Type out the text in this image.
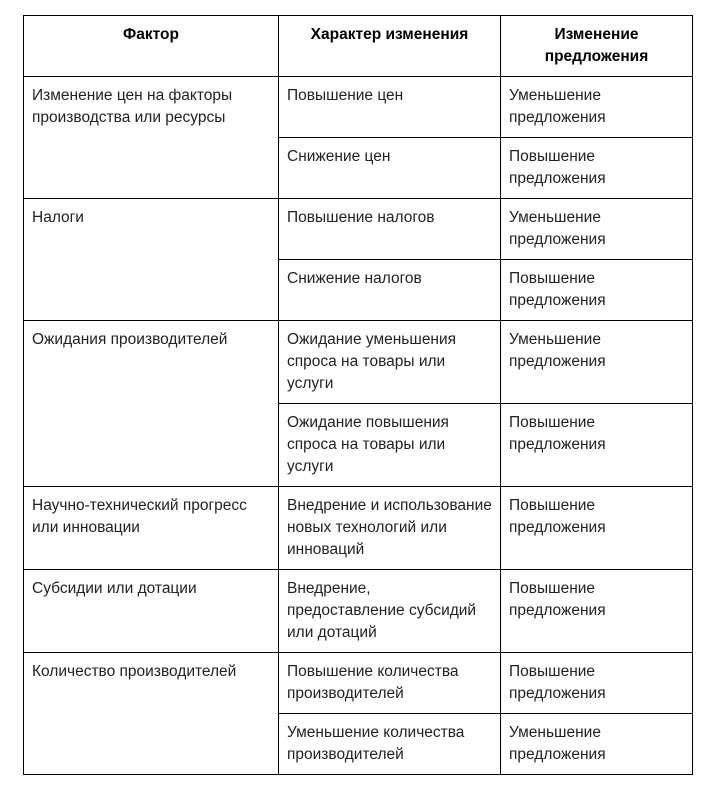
Фактор	Характер изменения	Изменение предложения
Изменение цен на факторы производства или ресурсы	Повышение цен	Уменьшение предложения
	Снижение цен	Повышение предложения
Налоги	Повышение налогов	Уменьшение предложения
	Снижение налогов	Повышение предложения
Ожидания производителей	Ожидание уменьшения спроса на товары или услуги	Уменьшение предложения
	Ожидание повышения спроса на товары или услуги	Повышение предложения
Научно-технический прогресс или инновации	Внедрение и использование новых технологий или инноваций	Повышение предложения
Субсидии или дотации	Внедрение, предоставление субсидий или дотаций	Повышение предложения
Количество производителей	Повышение количества производителей	Повышение предложения
	Уменьшение количества производителей	Уменьшение предложения
